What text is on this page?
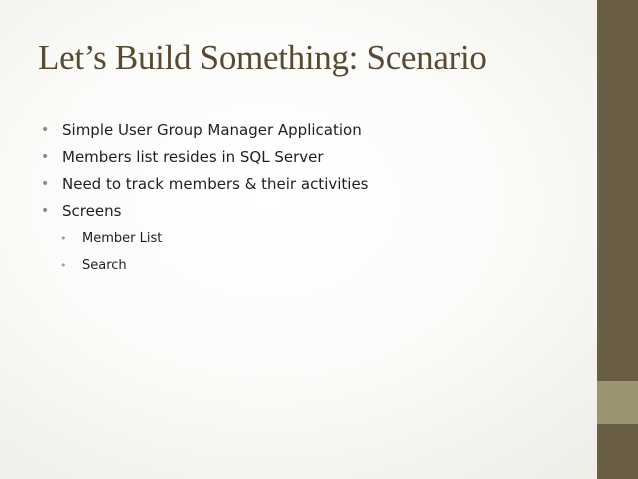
Let’s Build Something: Scenario
• Simple User Group Manager Application
• Members list resides in SQL Server
• Need to track members & their activities
• Screens
• Member List
• Search
